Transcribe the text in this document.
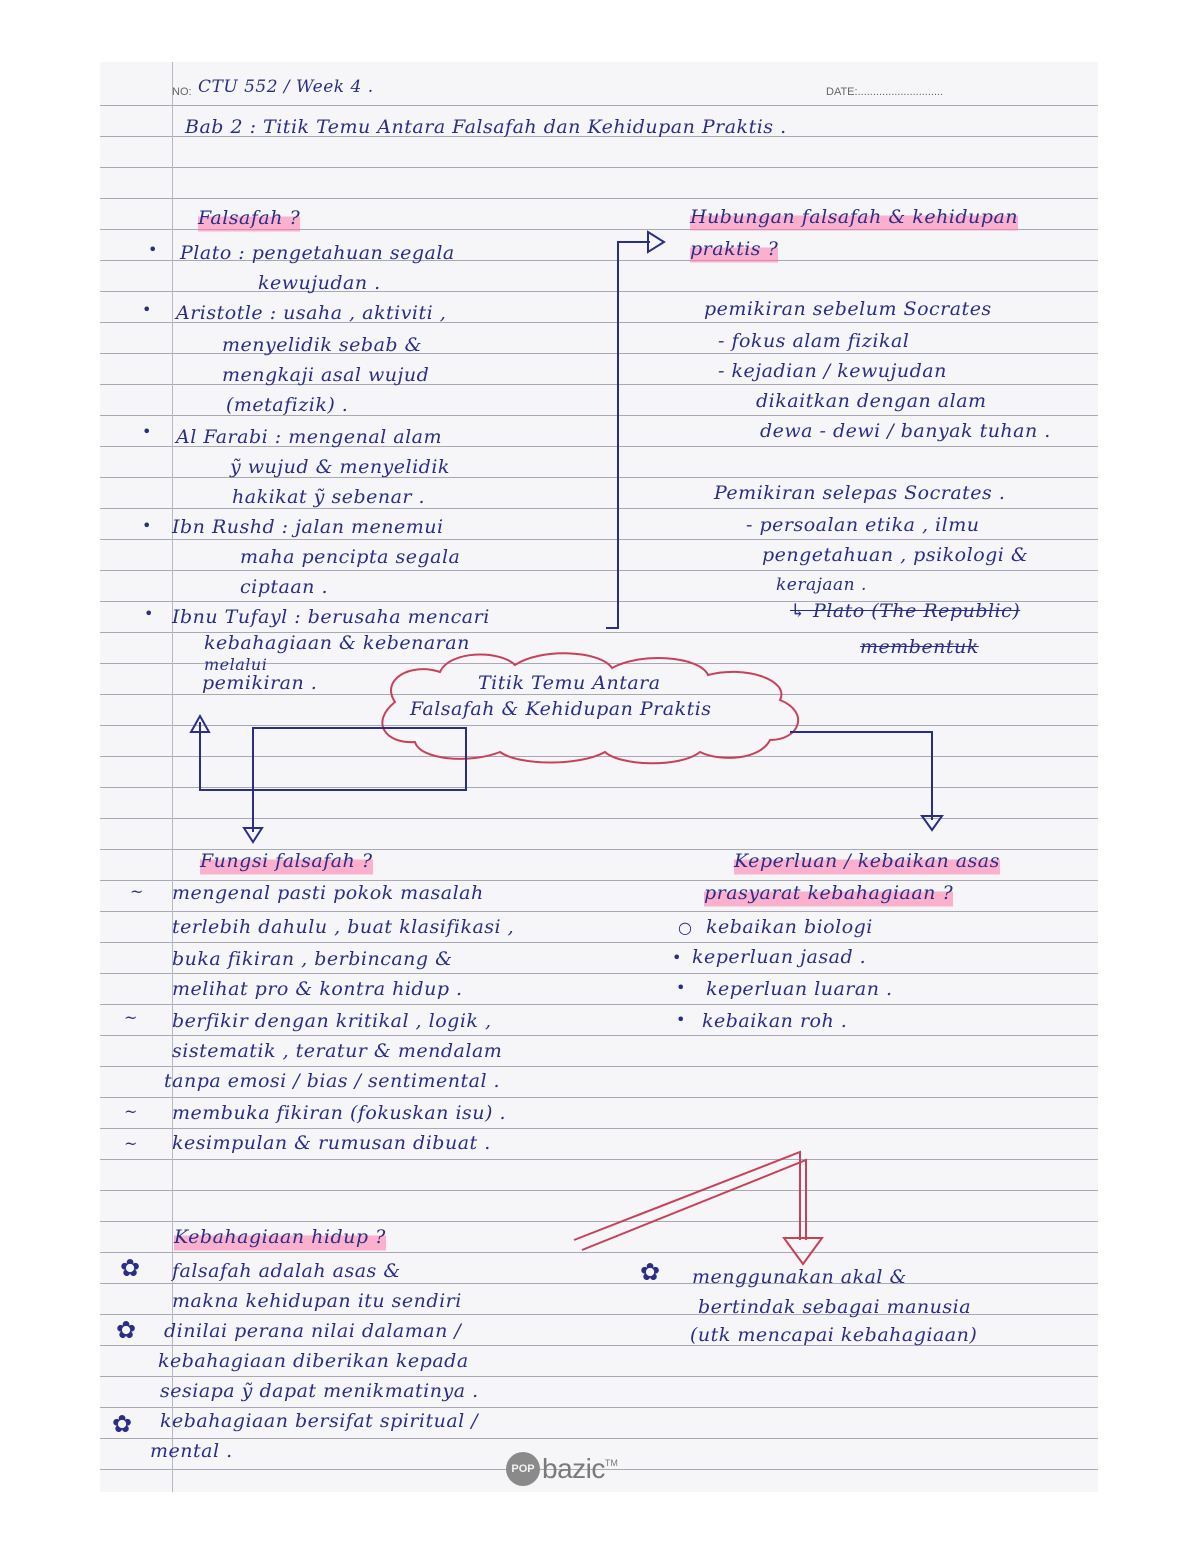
NO: CTU 552 / Week 4 .	DATE:............................
Bab 2 : Titik Temu Antara Falsafah dan Kehidupan Praktis .
Falsafah ?
• Plato : pengetahuan segala
kewujudan .
• Aristotle : usaha , aktiviti ,
menyelidik sebab &
mengkaji asal wujud
(metafizik) .
• Al Farabi : mengenal alam
ỹ wujud & menyelidik
hakikat ỹ sebenar .
• Ibn Rushd : jalan menemui
maha pencipta segala
ciptaan .
• Ibnu Tufayl : berusaha mencari
kebahagiaan & kebenaran
melalui
pemikiran .
Hubungan falsafah & kehidupan
praktis ?
pemikiran sebelum Socrates
- fokus alam fizikal
- kejadian / kewujudan
dikaitkan dengan alam
dewa - dewi / banyak tuhan .
Pemikiran selepas Socrates .
- persoalan etika , ilmu
pengetahuan , psikologi &
kerajaan .
↳ Plato (The Republic)
membentuk
Titik Temu Antara
Falsafah & Kehidupan Praktis
Fungsi falsafah ?
~ mengenal pasti pokok masalah
terlebih dahulu , buat klasifikasi ,
buka fikiran , berbincang &
melihat pro & kontra hidup .
~ berfikir dengan kritikal , logik ,
sistematik , teratur & mendalam
tanpa emosi / bias / sentimental .
~ membuka fikiran (fokuskan isu) .
~ kesimpulan & rumusan dibuat .
Keperluan / kebaikan asas
prasyarat kebahagiaan ?
○ kebaikan biologi
• keperluan jasad .
• keperluan luaran .
• kebaikan roh .
Kebahagiaan hidup ?
✿ falsafah adalah asas &
makna kehidupan itu sendiri
✿ dinilai perana nilai dalaman /
kebahagiaan diberikan kepada
sesiapa ỹ dapat menikmatinya .
✿ kebahagiaan bersifat spiritual /
mental .
✿ menggunakan akal &
bertindak sebagai manusia
(utk mencapai kebahagiaan)
POP bazic TM
